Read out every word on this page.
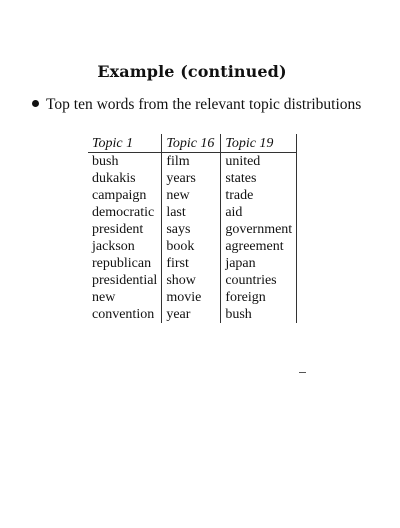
Example (continued)
Top ten words from the relevant topic distributions
Topic 1	Topic 16	Topic 19
bush	film	united
dukakis	years	states
campaign	new	trade
democratic	last	aid
president	says	government
jackson	book	agreement
republican	first	japan
presidential	show	countries
new	movie	foreign
convention	year	bush
